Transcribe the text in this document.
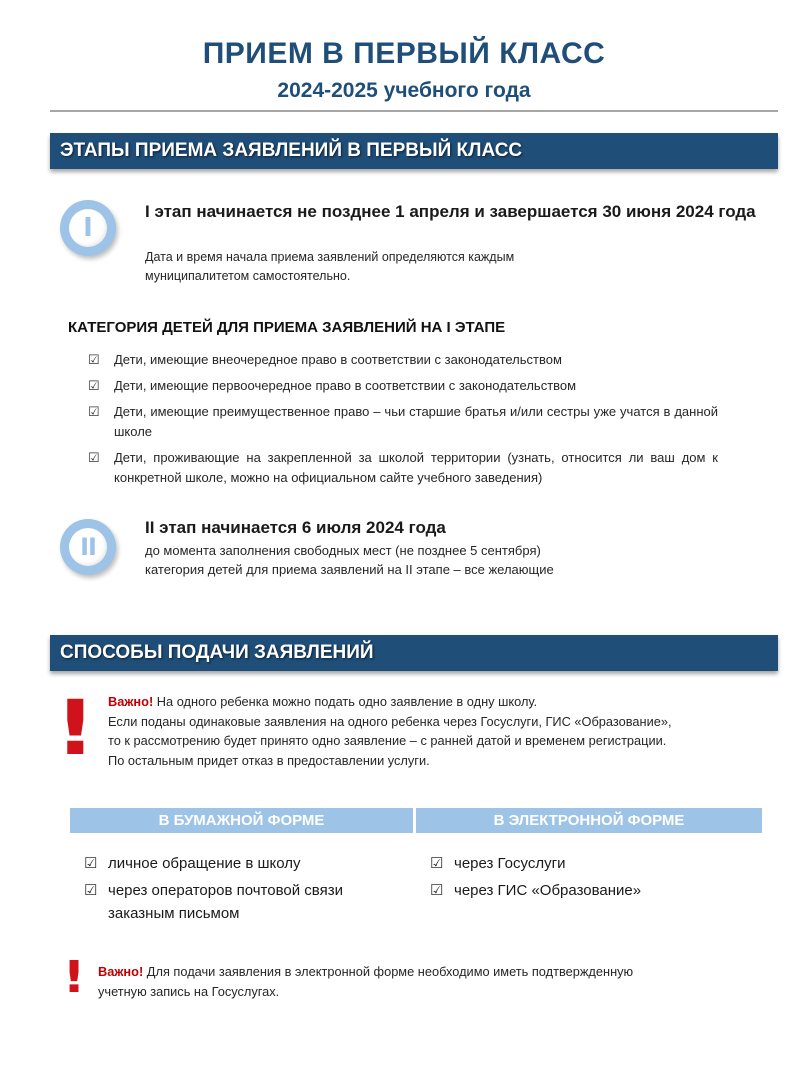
ПРИЕМ В ПЕРВЫЙ КЛАСС
2024-2025 учебного года
ЭТАПЫ ПРИЕМА ЗАЯВЛЕНИЙ В ПЕРВЫЙ КЛАСС
I
I этап начинается не позднее 1 апреля и завершается 30 июня 2024 года
Дата и время начала приема заявлений определяются каждым
муниципалитетом самостоятельно.
КАТЕГОРИЯ ДЕТЕЙ ДЛЯ ПРИЕМА ЗАЯВЛЕНИЙ НА I ЭТАПЕ
☑ Дети, имеющие внеочередное право в соответствии с законодательством
☑ Дети, имеющие первоочередное право в соответствии с законодательством
☑ Дети, имеющие преимущественное право – чьи старшие братья и/или сестры уже учатся в данной школе
☑ Дети, проживающие на закрепленной за школой территории (узнать, относится ли ваш дом к конкретной школе, можно на официальном сайте учебного заведения)
II
II этап начинается 6 июля 2024 года
до момента заполнения свободных мест (не позднее 5 сентября)
категория детей для приема заявлений на II этапе – все желающие
СПОСОБЫ ПОДАЧИ ЗАЯВЛЕНИЙ
! Важно! На одного ребенка можно подать одно заявление в одну школу.
Если поданы одинаковые заявления на одного ребенка через Госуслуги, ГИС «Образование»,
то к рассмотрению будет принято одно заявление – с ранней датой и временем регистрации.
По остальным придет отказ в предоставлении услуги.
В БУМАЖНОЙ ФОРМЕ	В ЭЛЕКТРОННОЙ ФОРМЕ
☑ личное обращение в школу
☑ через операторов почтовой связи заказным письмом
☑ через Госуслуги
☑ через ГИС «Образование»
! Важно! Для подачи заявления в электронной форме необходимо иметь подтвержденную
учетную запись на Госуслугах.
